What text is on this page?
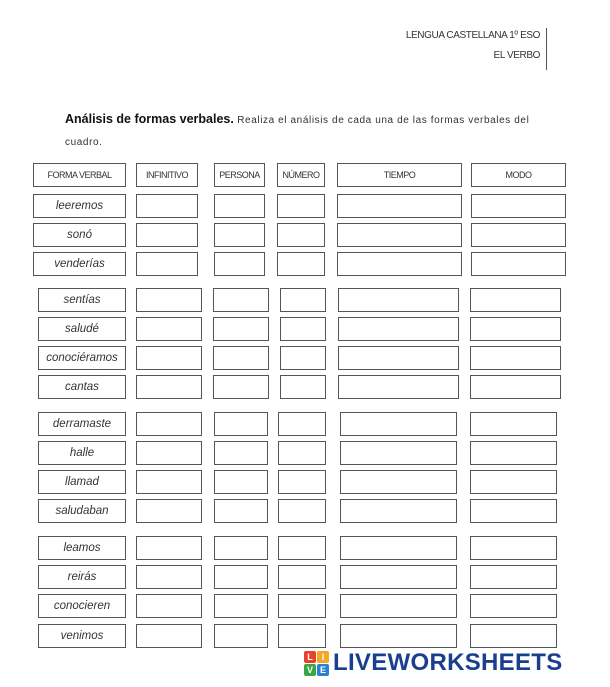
LENGUA CASTELLANA 1º ESO
EL VERBO
Análisis de formas verbales. Realiza el análisis de cada una de las formas verbales del cuadro.
FORMA VERBAL	INFINITIVO	PERSONA	NÚMERO	TIEMPO	MODO
leeremos
sonó
venderías
sentías
saludé
conociéramos
cantas
derramaste
halle
llamad
saludaban
leamos
reirás
conocieren
venimos
L I
V E LIVEWORKSHEETS
